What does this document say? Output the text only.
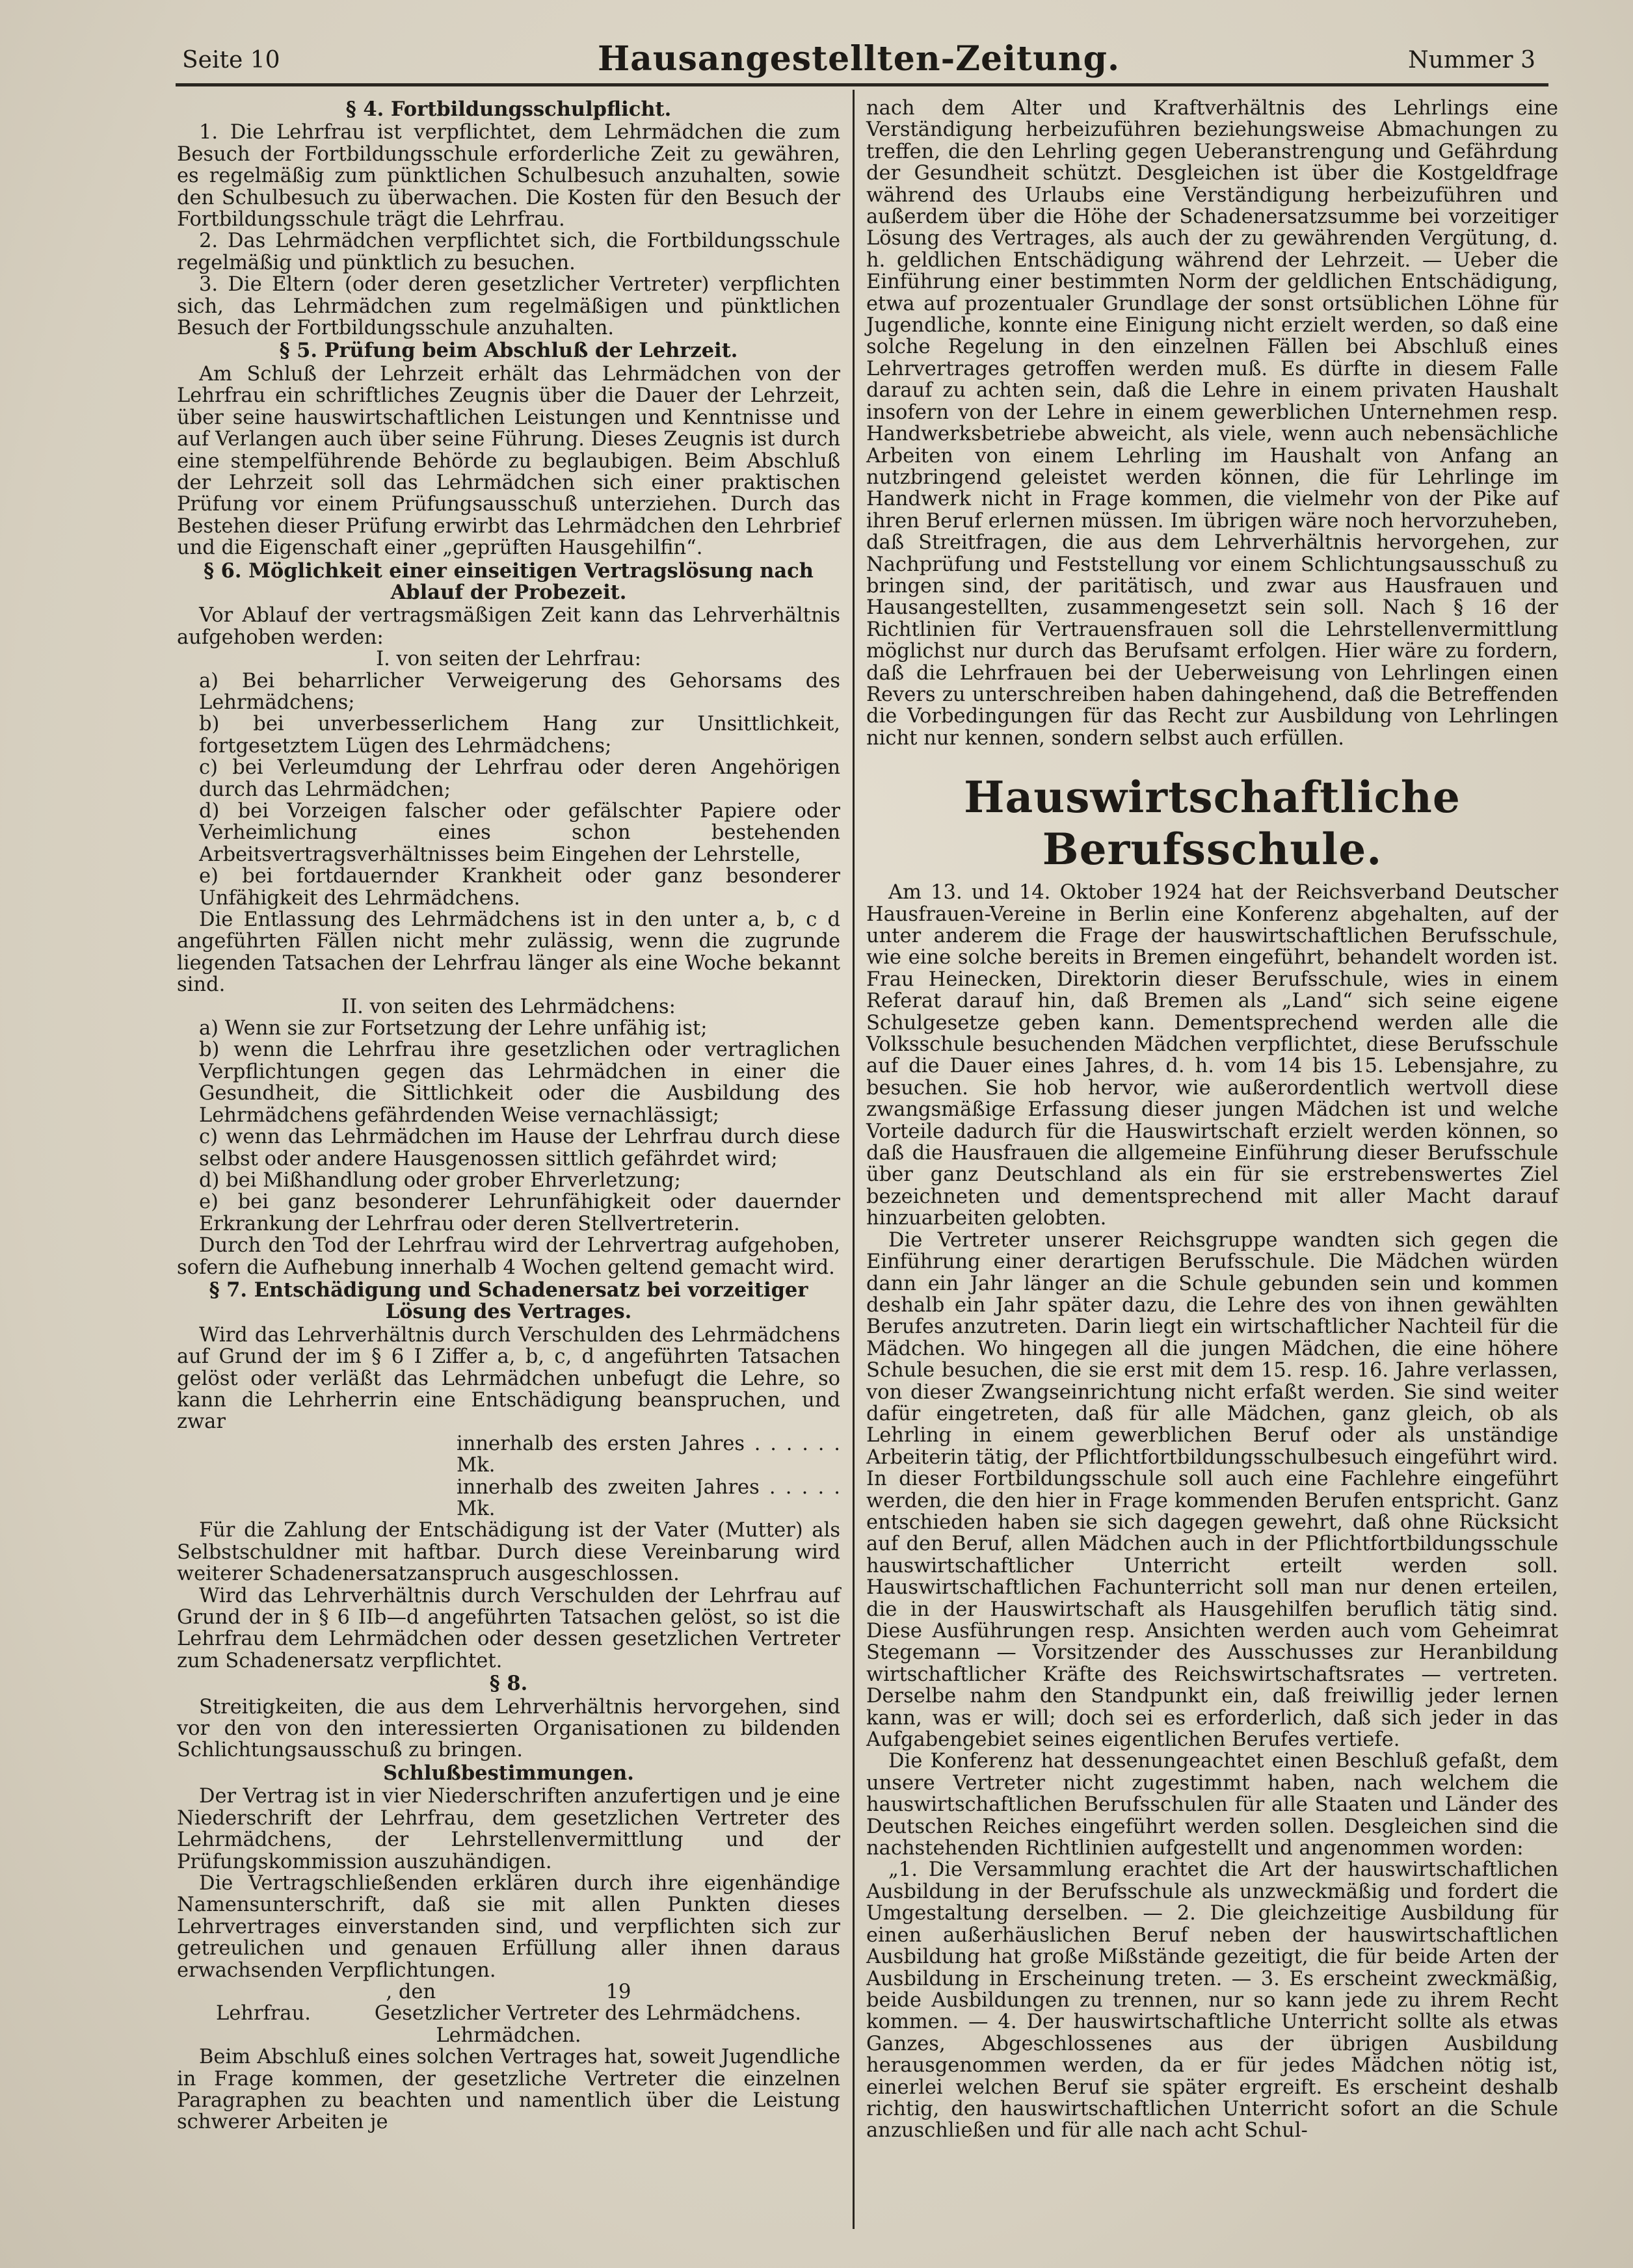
Seite 10	Hausangestellten-Zeitung.	Nummer 3
§ 4. Fortbildungsschulpflicht.

1. Die Lehrfrau ist verpflichtet, dem Lehrmädchen die zum Besuch der Fortbildungsschule erforderliche Zeit zu gewähren, es regelmäßig zum pünktlichen Schulbesuch anzuhalten, sowie den Schulbesuch zu überwachen. Die Kosten für den Besuch der Fortbildungsschule trägt die Lehrfrau.

2. Das Lehrmädchen verpflichtet sich, die Fortbildungsschule regelmäßig und pünktlich zu besuchen.

3. Die Eltern (oder deren gesetzlicher Vertreter) verpflichten sich, das Lehrmädchen zum regelmäßigen und pünktlichen Besuch der Fortbildungsschule anzuhalten.

§ 5. Prüfung beim Abschluß der Lehrzeit.

Am Schluß der Lehrzeit erhält das Lehrmädchen von der Lehrfrau ein schriftliches Zeugnis über die Dauer der Lehrzeit, über seine hauswirtschaftlichen Leistungen und Kenntnisse und auf Verlangen auch über seine Führung. Dieses Zeugnis ist durch eine stempelführende Behörde zu beglaubigen. Beim Abschluß der Lehrzeit soll das Lehrmädchen sich einer praktischen Prüfung vor einem Prüfungsausschuß unterziehen. Durch das Bestehen dieser Prüfung erwirbt das Lehrmädchen den Lehrbrief und die Eigenschaft einer „geprüften Hausgehilfin“.

§ 6. Möglichkeit einer einseitigen Vertragslösung nach Ablauf der Probezeit.

Vor Ablauf der vertragsmäßigen Zeit kann das Lehrverhältnis aufgehoben werden:

I. von seiten der Lehrfrau:

a) Bei beharrlicher Verweigerung des Gehorsams des Lehrmädchens;

b) bei unverbesserlichem Hang zur Unsittlichkeit, fortgesetztem Lügen des Lehrmädchens;

c) bei Verleumdung der Lehrfrau oder deren Angehörigen durch das Lehrmädchen;

d) bei Vorzeigen falscher oder gefälschter Papiere oder Verheimlichung eines schon bestehenden Arbeitsvertragsverhältnisses beim Eingehen der Lehrstelle,

e) bei fortdauernder Krankheit oder ganz besonderer Unfähigkeit des Lehrmädchens.

Die Entlassung des Lehrmädchens ist in den unter a, b, c d angeführten Fällen nicht mehr zulässig, wenn die zugrunde liegenden Tatsachen der Lehrfrau länger als eine Woche bekannt sind.

II. von seiten des Lehrmädchens:

a) Wenn sie zur Fortsetzung der Lehre unfähig ist;

b) wenn die Lehrfrau ihre gesetzlichen oder vertraglichen Verpflichtungen gegen das Lehrmädchen in einer die Gesundheit, die Sittlichkeit oder die Ausbildung des Lehrmädchens gefährdenden Weise vernachlässigt;

c) wenn das Lehrmädchen im Hause der Lehrfrau durch diese selbst oder andere Hausgenossen sittlich gefährdet wird;

d) bei Mißhandlung oder grober Ehrverletzung;

e) bei ganz besonderer Lehrunfähigkeit oder dauernder Erkrankung der Lehrfrau oder deren Stellvertreterin.

Durch den Tod der Lehrfrau wird der Lehrvertrag aufgehoben, sofern die Aufhebung innerhalb 4 Wochen geltend gemacht wird.

§ 7. Entschädigung und Schadenersatz bei vorzeitiger Lösung des Vertrages.

Wird das Lehrverhältnis durch Verschulden des Lehrmädchens auf Grund der im § 6 I Ziffer a, b, c, d angeführten Tatsachen gelöst oder verläßt das Lehrmädchen unbefugt die Lehre, so kann die Lehrherrin eine Entschädigung beanspruchen, und zwar

innerhalb des ersten Jahres . . . . . . Mk.

innerhalb des zweiten Jahres . . . . . Mk.

Für die Zahlung der Entschädigung ist der Vater (Mutter) als Selbstschuldner mit haftbar. Durch diese Vereinbarung wird weiterer Schadenersatzanspruch ausgeschlossen.

Wird das Lehrverhältnis durch Verschulden der Lehrfrau auf Grund der in § 6 IIb—d angeführten Tatsachen gelöst, so ist die Lehrfrau dem Lehrmädchen oder dessen gesetzlichen Vertreter zum Schadenersatz verpflichtet.

§ 8.

Streitigkeiten, die aus dem Lehrverhältnis hervorgehen, sind vor den von den interessierten Organisationen zu bildenden Schlichtungsausschuß zu bringen.

Schlußbestimmungen.

Der Vertrag ist in vier Niederschriften anzufertigen und je eine Niederschrift der Lehrfrau, dem gesetzlichen Vertreter des Lehrmädchens, der Lehrstellenvermittlung und der Prüfungskommission auszuhändigen.

Die Vertragschließenden erklären durch ihre eigenhändige Namensunterschrift, daß sie mit allen Punkten dieses Lehrvertrages einverstanden sind, und verpflichten sich zur getreulichen und genauen Erfüllung aller ihnen daraus erwachsenden Verpflichtungen.

, den	19
Lehrfrau.	Gesetzlicher Vertreter des Lehrmädchens.

Lehrmädchen.

Beim Abschluß eines solchen Vertrages hat, soweit Jugendliche in Frage kommen, der gesetzliche Vertreter die einzelnen Paragraphen zu beachten und namentlich über die Leistung schwerer Arbeiten je

nach dem Alter und Kraftverhältnis des Lehrlings eine Verständigung herbeizuführen beziehungsweise Abmachungen zu treffen, die den Lehrling gegen Ueberanstrengung und Gefährdung der Gesundheit schützt. Desgleichen ist über die Kostgeldfrage während des Urlaubs eine Verständigung herbeizuführen und außerdem über die Höhe der Schadenersatzsumme bei vorzeitiger Lösung des Vertrages, als auch der zu gewährenden Vergütung, d. h. geldlichen Entschädigung während der Lehrzeit. — Ueber die Einführung einer bestimmten Norm der geldlichen Entschädigung, etwa auf prozentualer Grundlage der sonst ortsüblichen Löhne für Jugendliche, konnte eine Einigung nicht erzielt werden, so daß eine solche Regelung in den einzelnen Fällen bei Abschluß eines Lehrvertrages getroffen werden muß. Es dürfte in diesem Falle darauf zu achten sein, daß die Lehre in einem privaten Haushalt insofern von der Lehre in einem gewerblichen Unternehmen resp. Handwerksbetriebe abweicht, als viele, wenn auch nebensächliche Arbeiten von einem Lehrling im Haushalt von Anfang an nutzbringend geleistet werden können, die für Lehrlinge im Handwerk nicht in Frage kommen, die vielmehr von der Pike auf ihren Beruf erlernen müssen. Im übrigen wäre noch hervorzuheben, daß Streitfragen, die aus dem Lehrverhältnis hervorgehen, zur Nachprüfung und Feststellung vor einem Schlichtungsausschuß zu bringen sind, der paritätisch, und zwar aus Hausfrauen und Hausangestellten, zusammengesetzt sein soll. Nach § 16 der Richtlinien für Vertrauensfrauen soll die Lehrstellenvermittlung möglichst nur durch das Berufsamt erfolgen. Hier wäre zu fordern, daß die Lehrfrauen bei der Ueberweisung von Lehrlingen einen Revers zu unterschreiben haben dahingehend, daß die Betreffenden die Vorbedingungen für das Recht zur Ausbildung von Lehrlingen nicht nur kennen, sondern selbst auch erfüllen.

Hauswirtschaftliche Berufsschule.

Am 13. und 14. Oktober 1924 hat der Reichsverband Deutscher Hausfrauen-Vereine in Berlin eine Konferenz abgehalten, auf der unter anderem die Frage der hauswirtschaftlichen Berufsschule, wie eine solche bereits in Bremen eingeführt, behandelt worden ist. Frau Heinecken, Direktorin dieser Berufsschule, wies in einem Referat darauf hin, daß Bremen als „Land“ sich seine eigene Schulgesetze geben kann. Dementsprechend werden alle die Volksschule besuchenden Mädchen verpflichtet, diese Berufsschule auf die Dauer eines Jahres, d. h. vom 14 bis 15. Lebensjahre, zu besuchen. Sie hob hervor, wie außerordentlich wertvoll diese zwangsmäßige Erfassung dieser jungen Mädchen ist und welche Vorteile dadurch für die Hauswirtschaft erzielt werden können, so daß die Hausfrauen die allgemeine Einführung dieser Berufsschule über ganz Deutschland als ein für sie erstrebenswertes Ziel bezeichneten und dementsprechend mit aller Macht darauf hinzuarbeiten gelobten.

Die Vertreter unserer Reichsgruppe wandten sich gegen die Einführung einer derartigen Berufsschule. Die Mädchen würden dann ein Jahr länger an die Schule gebunden sein und kommen deshalb ein Jahr später dazu, die Lehre des von ihnen gewählten Berufes anzutreten. Darin liegt ein wirtschaftlicher Nachteil für die Mädchen. Wo hingegen all die jungen Mädchen, die eine höhere Schule besuchen, die sie erst mit dem 15. resp. 16. Jahre verlassen, von dieser Zwangseinrichtung nicht erfaßt werden. Sie sind weiter dafür eingetreten, daß für alle Mädchen, ganz gleich, ob als Lehrling in einem gewerblichen Beruf oder als unständige Arbeiterin tätig, der Pflichtfortbildungsschulbesuch eingeführt wird. In dieser Fortbildungsschule soll auch eine Fachlehre eingeführt werden, die den hier in Frage kommenden Berufen entspricht. Ganz entschieden haben sie sich dagegen gewehrt, daß ohne Rücksicht auf den Beruf, allen Mädchen auch in der Pflichtfortbildungsschule hauswirtschaftlicher Unterricht erteilt werden soll. Hauswirtschaftlichen Fachunterricht soll man nur denen erteilen, die in der Hauswirtschaft als Hausgehilfen beruflich tätig sind. Diese Ausführungen resp. Ansichten werden auch vom Geheimrat Stegemann — Vorsitzender des Ausschusses zur Heranbildung wirtschaftlicher Kräfte des Reichswirtschaftsrates — vertreten. Derselbe nahm den Standpunkt ein, daß freiwillig jeder lernen kann, was er will; doch sei es erforderlich, daß sich jeder in das Aufgabengebiet seines eigentlichen Berufes vertiefe.

Die Konferenz hat dessenungeachtet einen Beschluß gefaßt, dem unsere Vertreter nicht zugestimmt haben, nach welchem die hauswirtschaftlichen Berufsschulen für alle Staaten und Länder des Deutschen Reiches eingeführt werden sollen. Desgleichen sind die nachstehenden Richtlinien aufgestellt und angenommen worden:

„1. Die Versammlung erachtet die Art der hauswirtschaftlichen Ausbildung in der Berufsschule als unzweckmäßig und fordert die Umgestaltung derselben. — 2. Die gleichzeitige Ausbildung für einen außerhäuslichen Beruf neben der hauswirtschaftlichen Ausbildung hat große Mißstände gezeitigt, die für beide Arten der Ausbildung in Erscheinung treten. — 3. Es erscheint zweckmäßig, beide Ausbildungen zu trennen, nur so kann jede zu ihrem Recht kommen. — 4. Der hauswirtschaftliche Unterricht sollte als etwas Ganzes, Abgeschlossenes aus der übrigen Ausbildung herausgenommen werden, da er für jedes Mädchen nötig ist, einerlei welchen Beruf sie später ergreift. Es erscheint deshalb richtig, den hauswirtschaftlichen Unterricht sofort an die Schule anzuschließen und für alle nach acht Schul-
